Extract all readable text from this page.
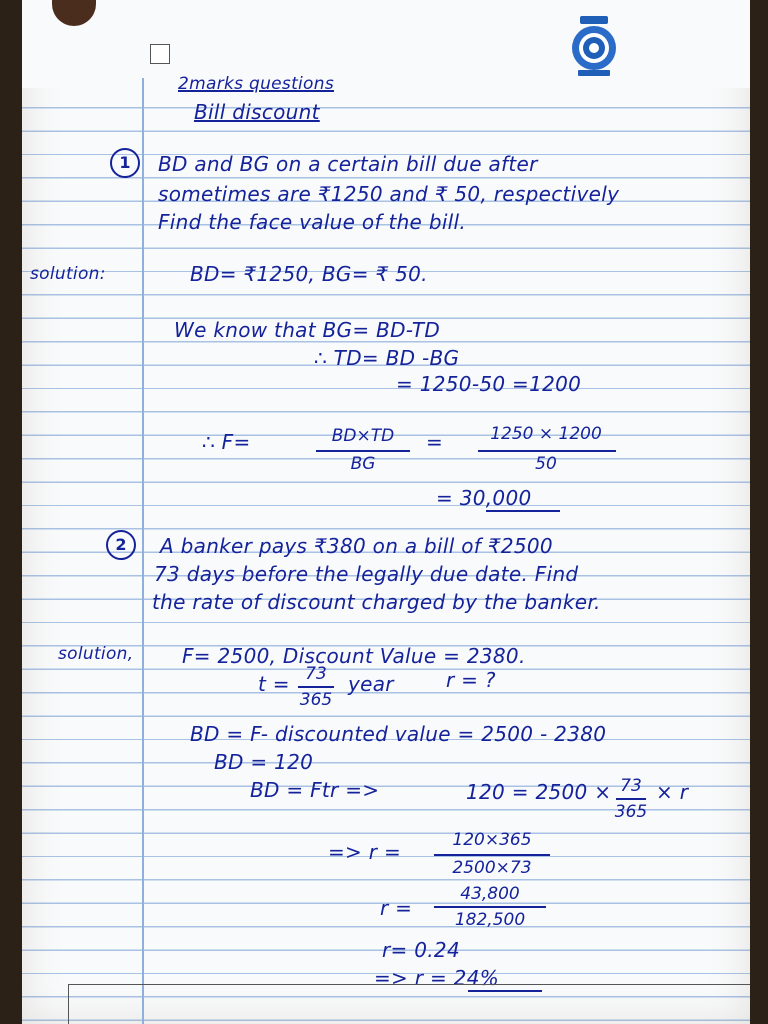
2marks questions
Bill discount
1	BD and BG on a certain bill due after
sometimes are ₹1250 and ₹ 50, respectively
Find the face value of the bill.
solution:	BD= ₹1250, BG= ₹ 50.
We know that BG= BD-TD
∴ TD= BD -BG
= 1250-50 =1200
∴ F=	BD×TD
BG
=	1250 × 1200
50
= 30,000
2	A banker pays ₹380 on a bill of ₹2500
73 days before the legally due date. Find
the rate of discount charged by the banker.
solution, F= 2500, Discount Value = 2380.
t = 73
365
year	r = ?
BD = F- discounted value = 2500 - 2380
BD = 120
BD = Ftr =>	120 = 2500 × 73
365
× r
=> r =	120×365
2500×73
r =
43,800
182,500
r= 0.24
=> r = 24%
